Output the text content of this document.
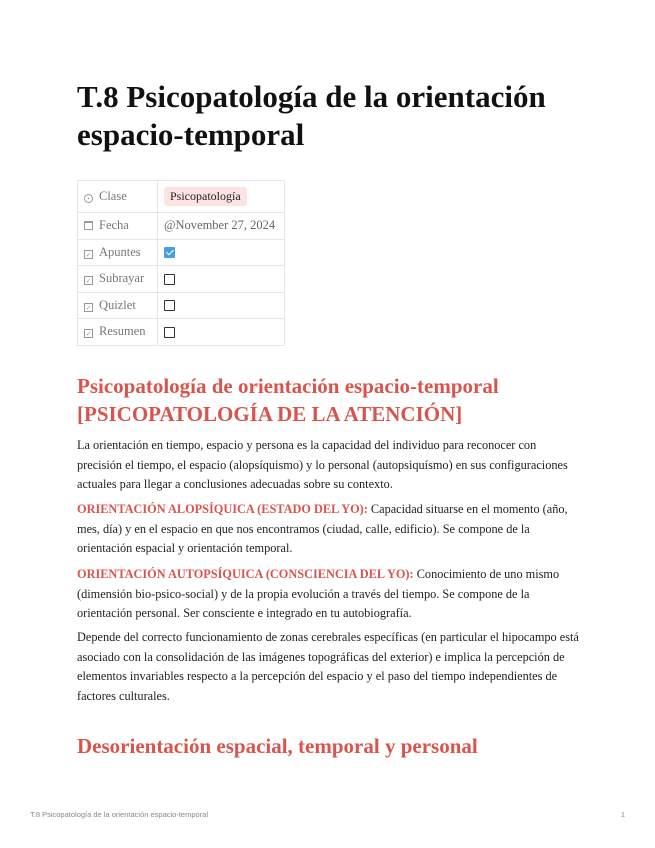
T.8 Psicopatología de la orientación espacio-temporal
• Clase	Psicopatología
Fecha	@November 27, 2024
✓ Apuntes	
✓ Subrayar	
✓ Quizlet	
✓ Resumen	
Psicopatología de orientación espacio-temporal [PSICOPATOLOGÍA DE LA ATENCIÓN]

La orientación en tiempo, espacio y persona es la capacidad del individuo para reconocer con precisión el tiempo, el espacio (alopsíquismo) y lo personal (autopsiquísmo) en sus configuraciones actuales para llegar a conclusiones adecuadas sobre su contexto.

ORIENTACIÓN ALOPSÍQUICA (ESTADO DEL YO): Capacidad situarse en el momento (año, mes, día) y en el espacio en que nos encontramos (ciudad, calle, edificio). Se compone de la orientación espacial y orientación temporal.

ORIENTACIÓN AUTOPSÍQUICA (CONSCIENCIA DEL YO): Conocimiento de uno mismo (dimensión bio-psico-social) y de la propia evolución a través del tiempo. Se compone de la orientación personal. Ser consciente e integrado en tu autobiografía.

Depende del correcto funcionamiento de zonas cerebrales específicas (en particular el hipocampo está asociado con la consolidación de las imágenes topográficas del exterior) e implica la percepción de elementos invariables respecto a la percepción del espacio y el paso del tiempo independientes de factores culturales.

Desorientación espacial, temporal y personal
T.8 Psicopatología de la orientación espacio-temporal	1
